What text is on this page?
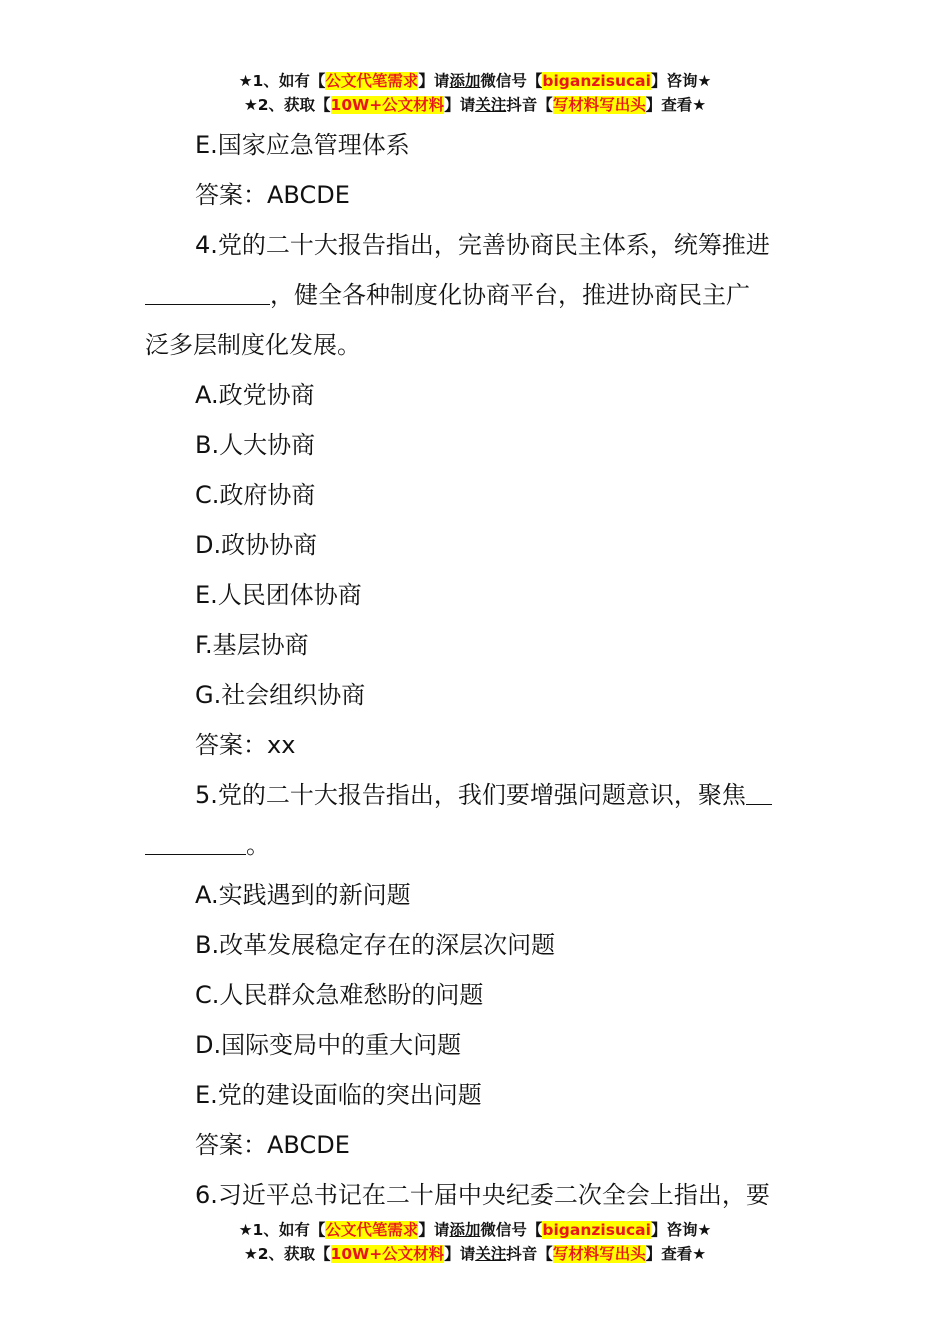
★1、如有【公文代笔需求】请添加微信号【biganzisucai】咨询★
★2、获取【10W+公文材料】请关注抖音【写材料写出头】查看★
E.国家应急管理体系
答案：ABCDE
4.党的二十大报告指出，完善协商民主体系，统筹推进
，健全各种制度化协商平台，推进协商民主广
泛多层制度化发展。
A.政党协商
B.人大协商
C.政府协商
D.政协协商
E.人民团体协商
F.基层协商
G.社会组织协商
答案：xx
5.党的二十大报告指出，我们要增强问题意识，聚焦
。
A.实践遇到的新问题
B.改革发展稳定存在的深层次问题
C.人民群众急难愁盼的问题
D.国际变局中的重大问题
E.党的建设面临的突出问题
答案：ABCDE
6.习近平总书记在二十届中央纪委二次全会上指出，要
★1、如有【公文代笔需求】请添加微信号【biganzisucai】咨询★
★2、获取【10W+公文材料】请关注抖音【写材料写出头】查看★
